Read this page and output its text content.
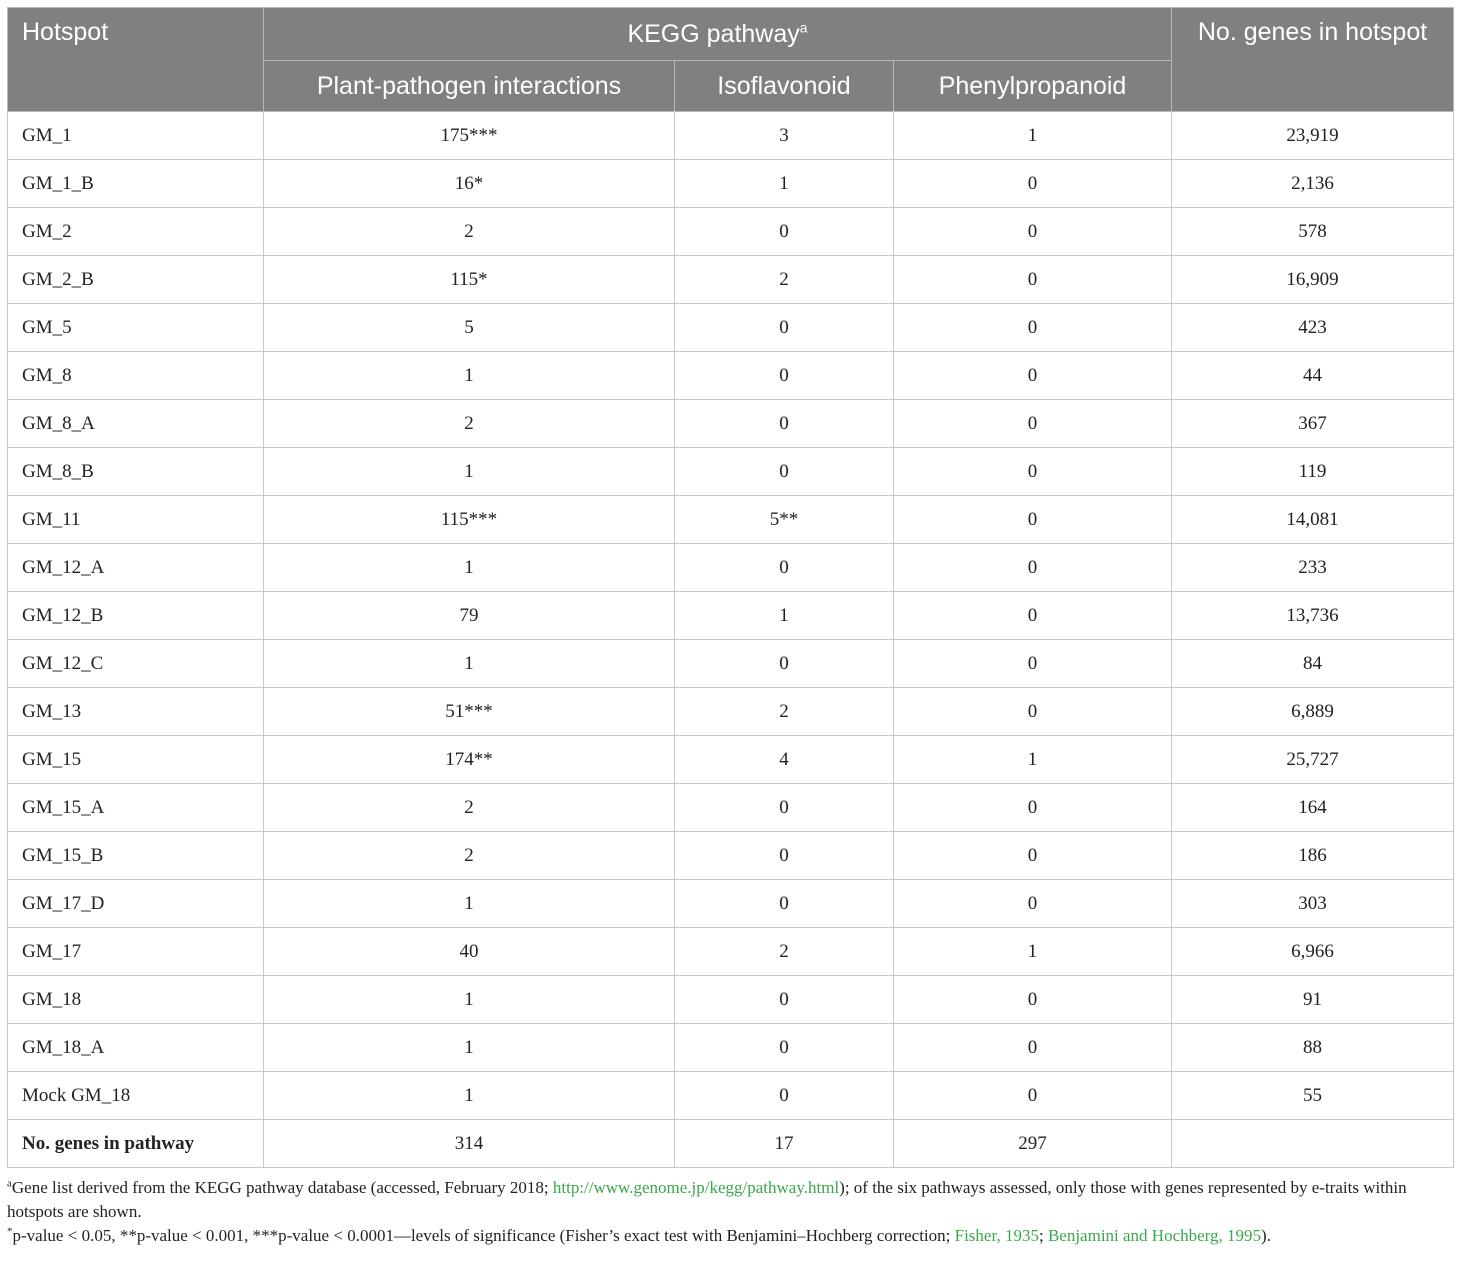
Hotspot	KEGG pathway$^a$			No. genes in hotspot
	Plant-pathogen interactions	Isoflavonoid	Phenylpropanoid	
GM_1	175***	3	1	23,919
GM_1_B	16*	1	0	2,136
GM_2	2	0	0	578
GM_2_B	115*	2	0	16,909
GM_5	5	0	0	423
GM_8	1	0	0	44
GM_8_A	2	0	0	367
GM_8_B	1	0	0	119
GM_11	115***	5**	0	14,081
GM_12_A	1	0	0	233
GM_12_B	79	1	0	13,736
GM_12_C	1	0	0	84
GM_13	51***	2	0	6,889
GM_15	174**	4	1	25,727
GM_15_A	2	0	0	164
GM_15_B	2	0	0	186
GM_17_D	1	0	0	303
GM_17	40	2	1	6,966
GM_18	1	0	0	91
GM_18_A	1	0	0	88
Mock GM_18	1	0	0	55
No. genes in pathway	314	17	297	

$^a$Gene list derived from the KEGG pathway database (accessed, February 2018; http://www.genome.jp/kegg/pathway.html); of the six pathways assessed, only those with genes represented by e-traits within hotspots are shown.

*p-value < 0.05, **p-value < 0.001, ***p-value < 0.0001—levels of significance (Fisher’s exact test with Benjamini–Hochberg correction; Fisher, 1935; Benjamini and Hochberg, 1995).
